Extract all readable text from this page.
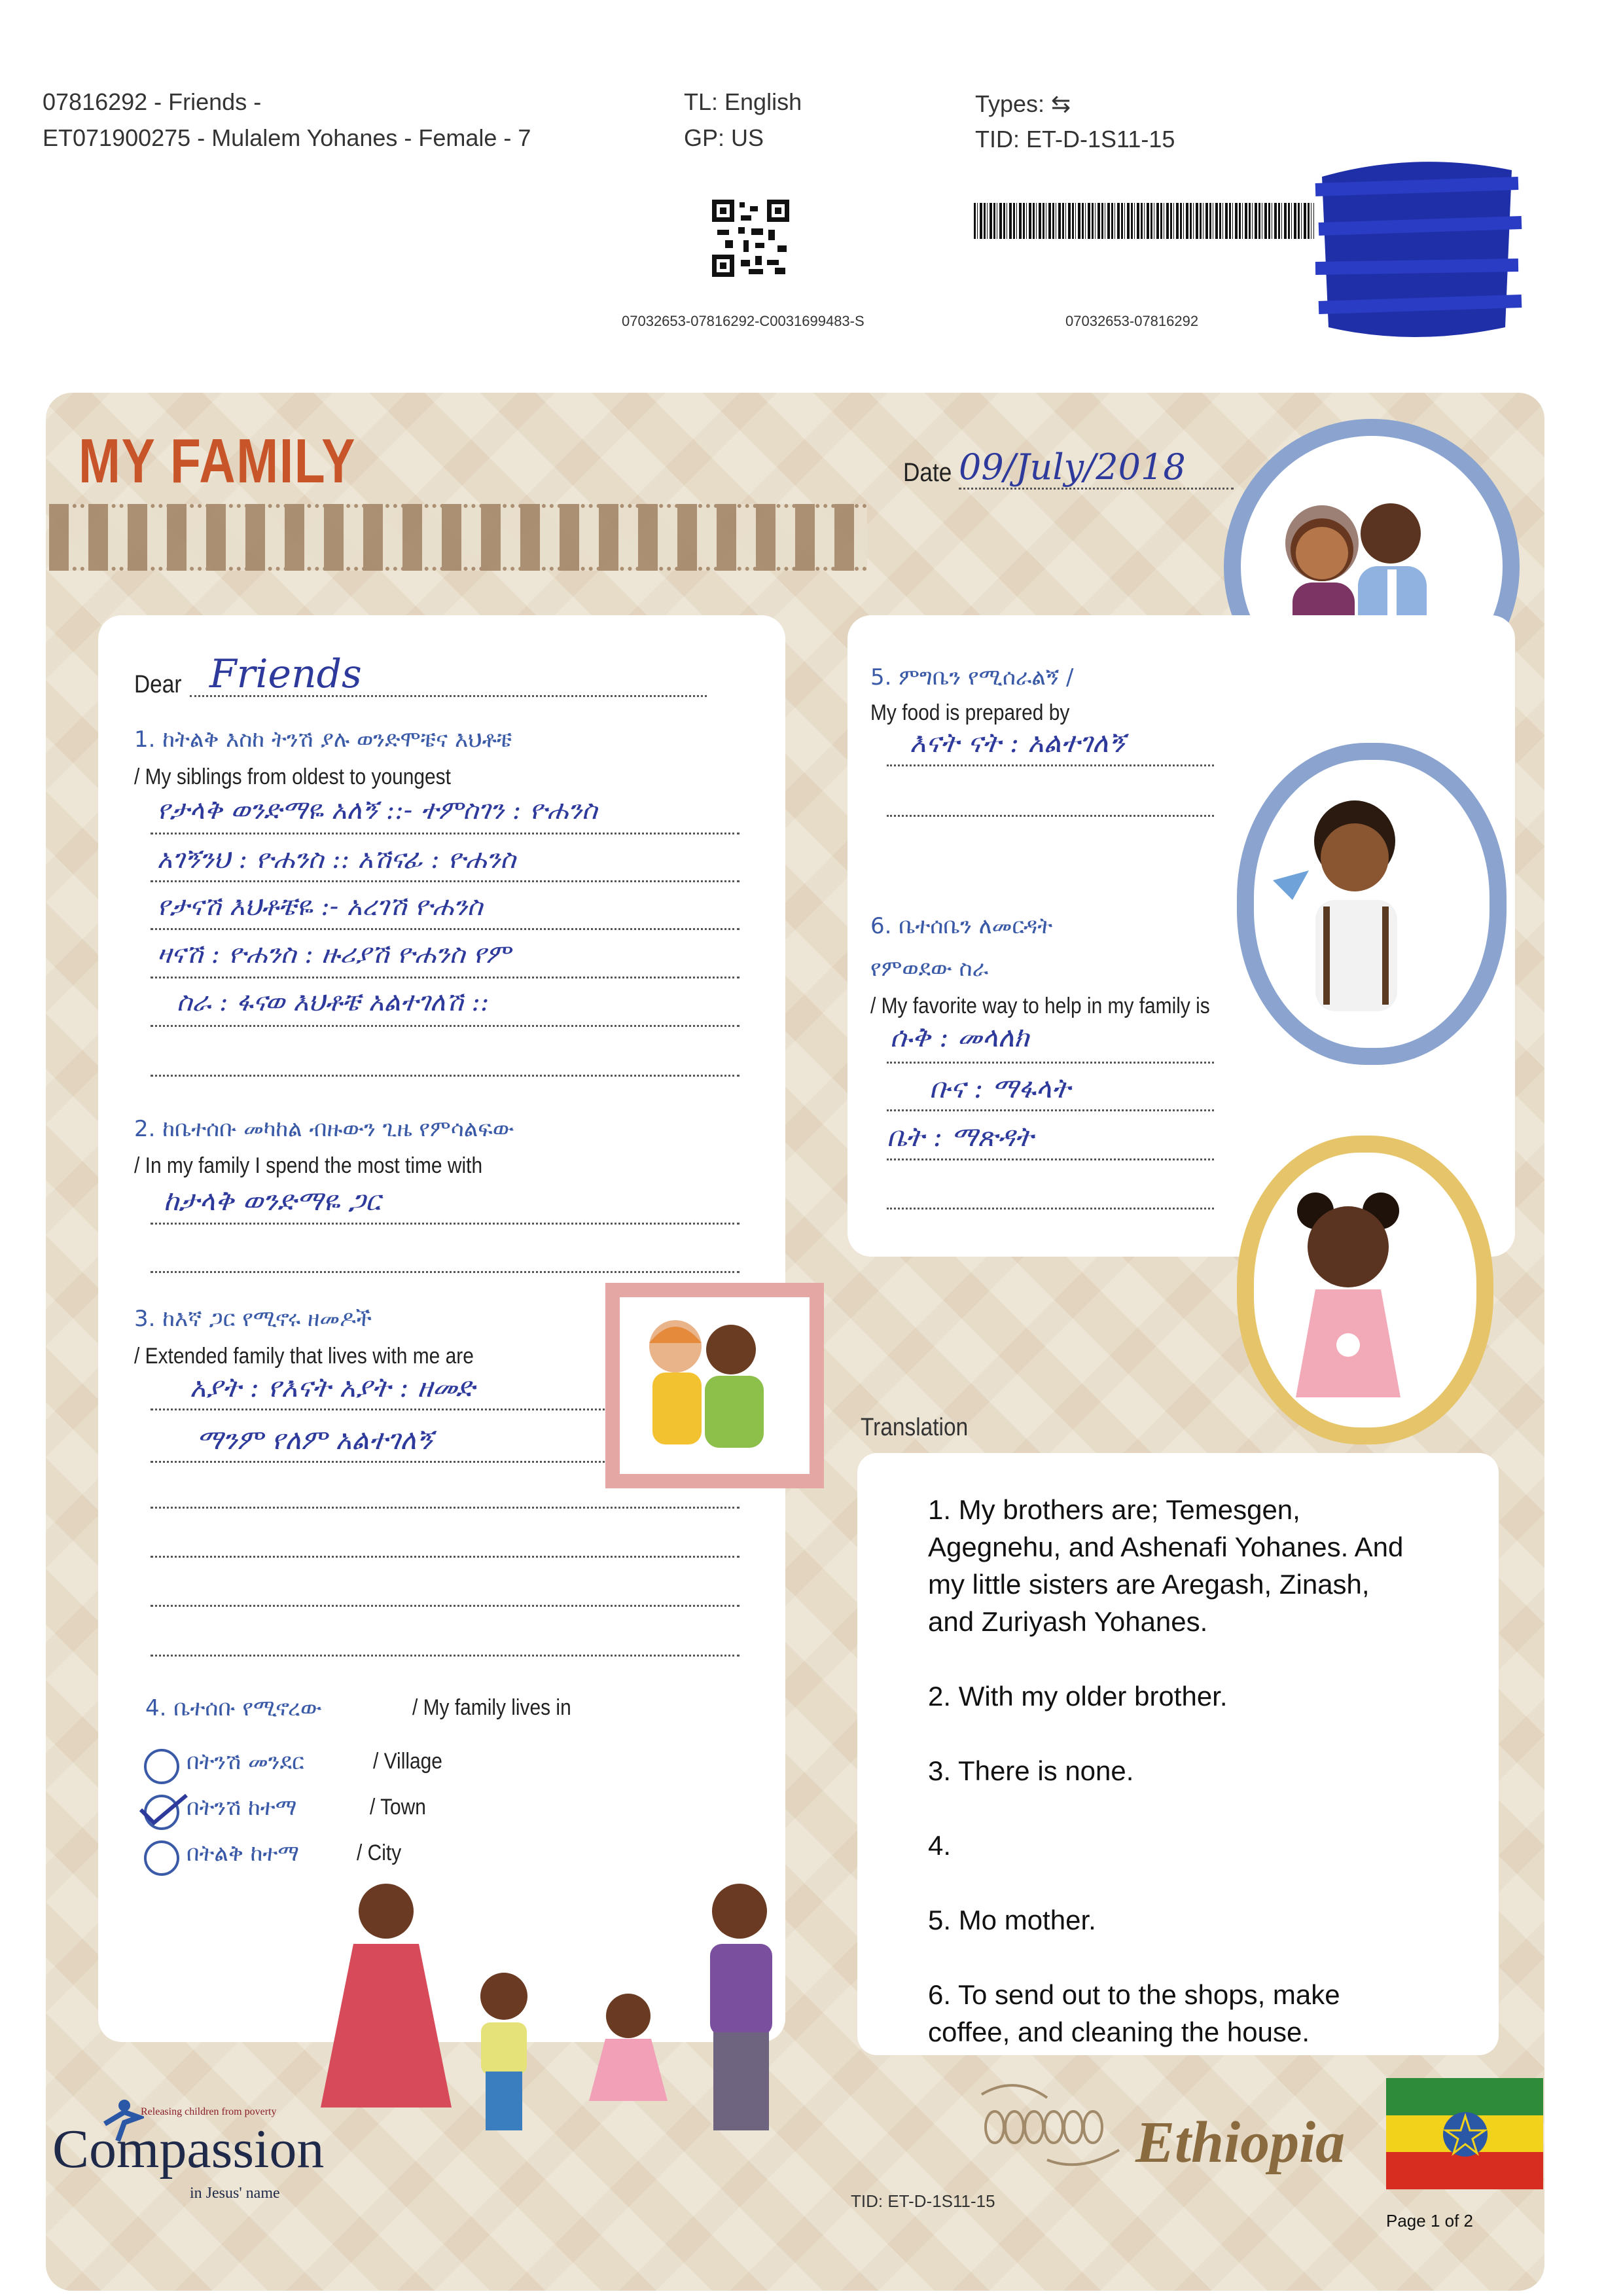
07816292 - Friends -
ET071900275 - Mulalem Yohanes - Female - 7
TL: English
GP: US
Types: ⇆
TID: ET-D-1S11-15
07032653-07816292-C0031699483-S	07032653-07816292
MY FAMILY	Date 09/July/2018
Dear Friends
1. ከትልቅ እስከ ትንሽ ያሉ ወንድሞቼና እህቶቼ
/ My siblings from oldest to youngest
የታላቅ ወንድማዬ አለኝ ::- ተምስገን : ዮሐንስ
አገኝንህ : ዮሐንስ :: አሽናፊ : ዮሐንስ
የታናሽ እህቶቼዬ :- አረገሽ ዮሐንስ
ዛናሽ : ዮሐንስ : ዙሪያሽ ዮሐንስ የም
ስራ : ፋናወ እህቶቼ አልተገለሽ ::
2. ከቤተሰቡ መካከል ብዙውን ጊዜ የምሳልፍው
/ In my family I spend the most time with
ከታላቅ ወንድማዬ ጋር
3. ከእኛ ጋር የሚኖሩ ዘመዶች
/ Extended family that lives with me are
አያት : የእናት አያት : ዘመድ
ማንም የለም አልተገለኝ
4. ቤተሰቡ የሚኖረው	/ My family lives in
በትንሽ መንደር	/ Village
በትንሽ ከተማ	/ Town
በትልቅ ከተማ	/ City
5. ምግቤን የሚሰራልኝ /
My food is prepared by
እናት ናት : አልተገለኝ
6. ቤተሰቤን ለመርዳት
የምወደው ስራ
/ My favorite way to help in my family is
ሱቅ : መላለክ
ቡና : ማፋላት
ቤት : ማጽዳት
Translation
1. My brothers are; Temesgen,
Agegnehu, and Ashenafi Yohanes. And
my little sisters are Aregash, Zinash,
and Zuriyash Yohanes.
2. With my older brother.
3. There is none.
4.
5. Mo mother.
6. To send out to the shops, make
coffee, and cleaning the house.
Releasing children from poverty
Compassion
in Jesus' name
Ethiopia
TID: ET-D-1S11-15
Page 1 of 2
